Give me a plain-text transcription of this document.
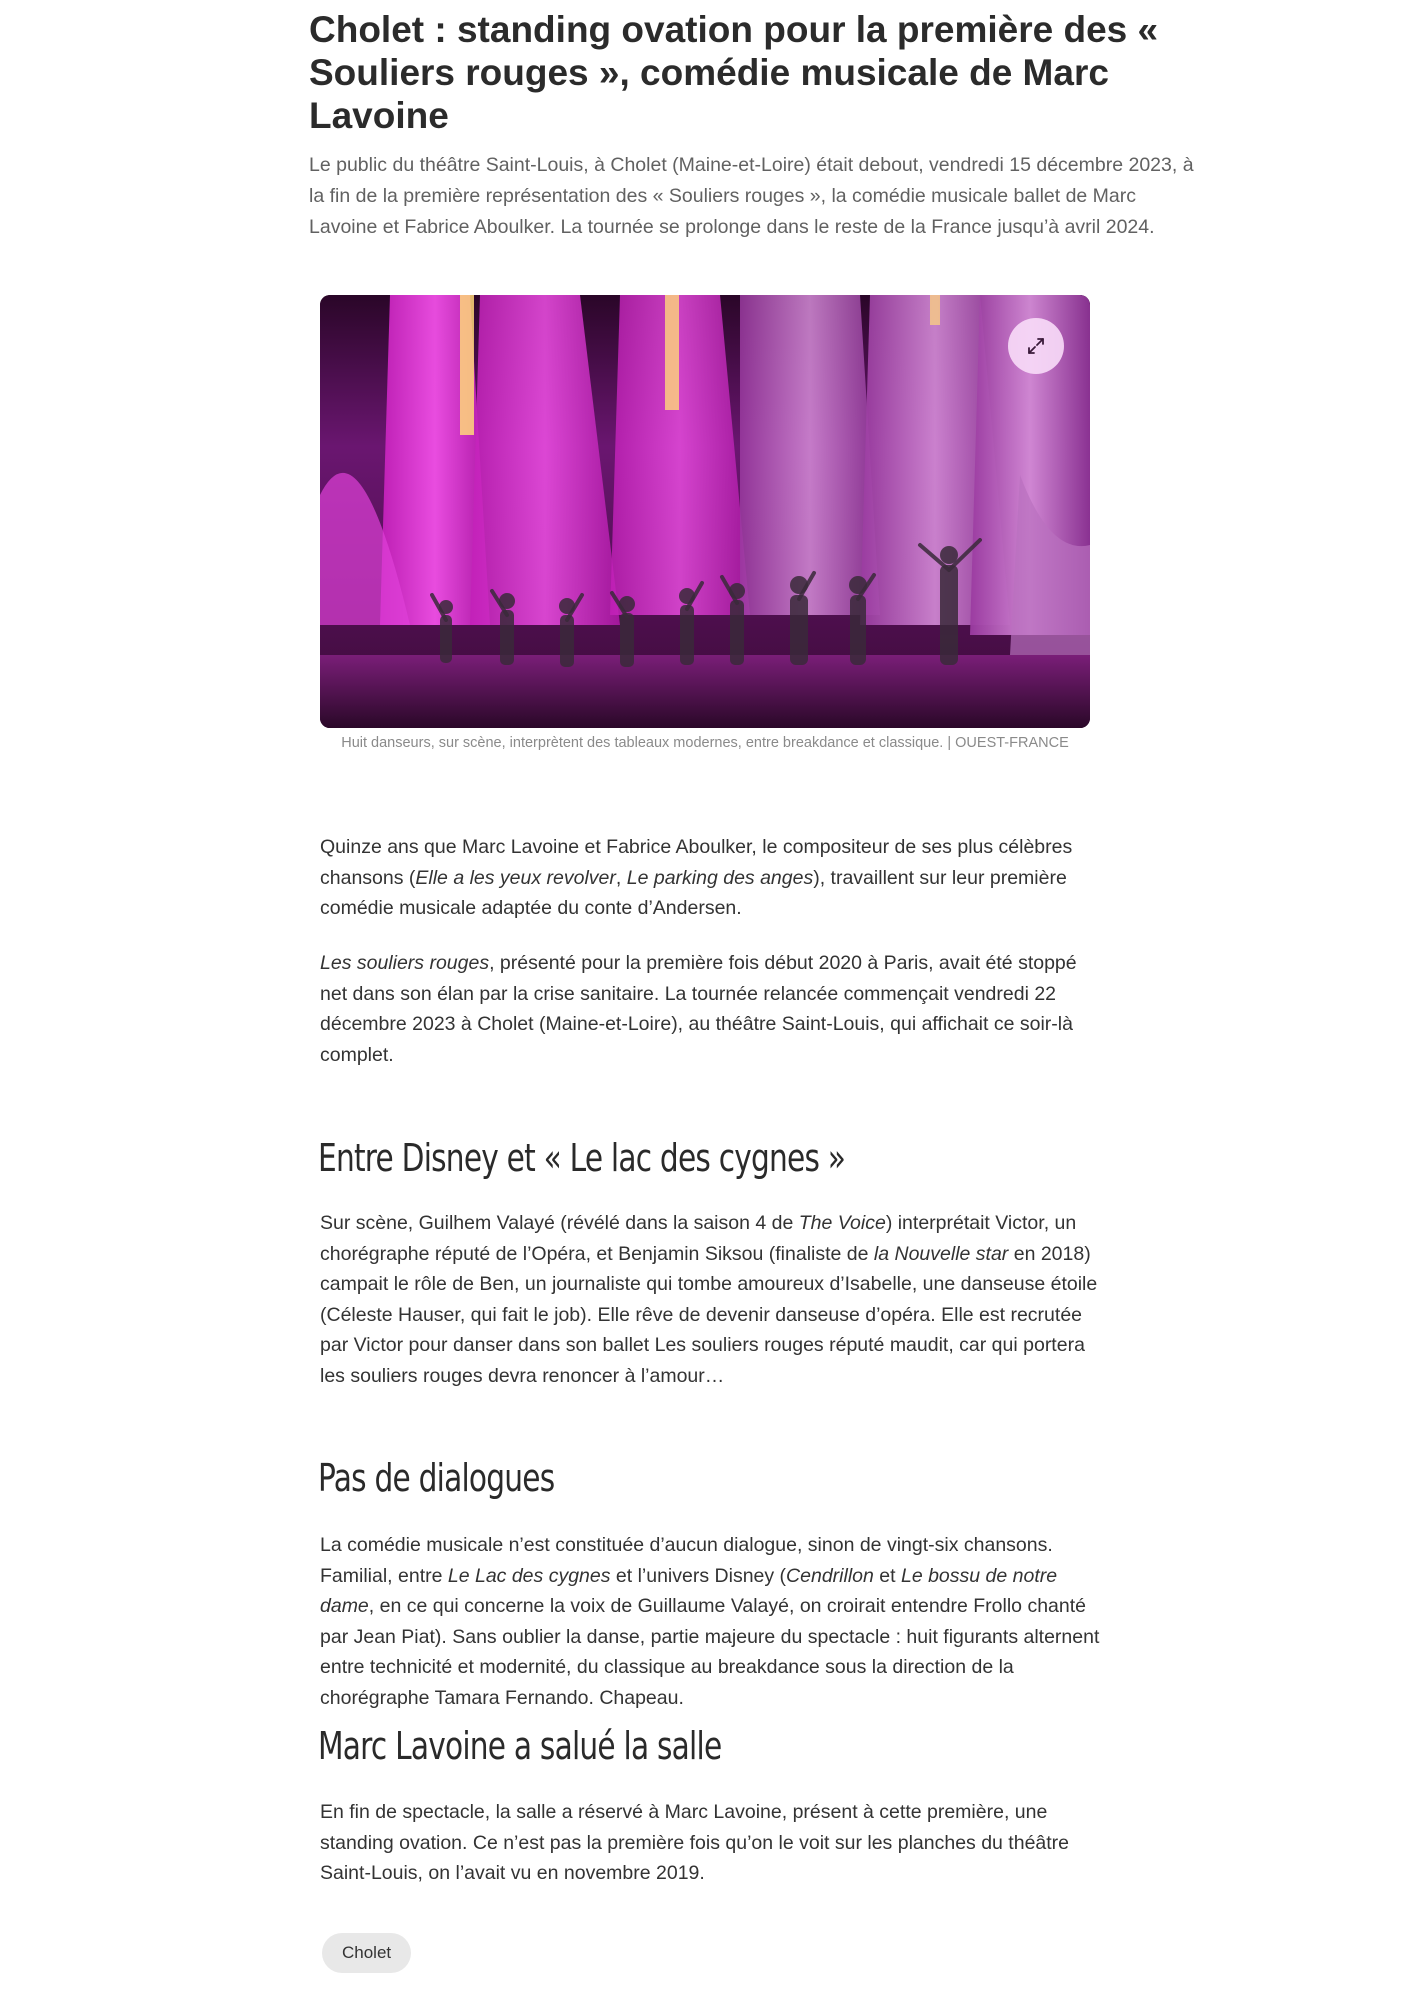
Cholet : standing ovation pour la première des « Souliers rouges », comédie musicale de Marc Lavoine

Le public du théâtre Saint-Louis, à Cholet (Maine-et-Loire) était debout, vendredi 15 décembre 2023, à la fin de la première représentation des « Souliers rouges », la comédie musicale ballet de Marc Lavoine et Fabrice Aboulker. La tournée se prolonge dans le reste de la France jusqu’à avril 2024.

Huit danseurs, sur scène, interprètent des tableaux modernes, entre breakdance et classique. | OUEST-FRANCE

Quinze ans que Marc Lavoine et Fabrice Aboulker, le compositeur de ses plus célèbres chansons (Elle a les yeux revolver, Le parking des anges), travaillent sur leur première comédie musicale adaptée du conte d’Andersen.

Les souliers rouges, présenté pour la première fois début 2020 à Paris, avait été stoppé net dans son élan par la crise sanitaire. La tournée relancée commençait vendredi 22 décembre 2023 à Cholet (Maine-et-Loire), au théâtre Saint-Louis, qui affichait ce soir-là complet.

Entre Disney et « Le lac des cygnes »

Sur scène, Guilhem Valayé (révélé dans la saison 4 de The Voice) interprétait Victor, un chorégraphe réputé de l’Opéra, et Benjamin Siksou (finaliste de la Nouvelle star en 2018) campait le rôle de Ben, un journaliste qui tombe amoureux d’Isabelle, une danseuse étoile (Céleste Hauser, qui fait le job). Elle rêve de devenir danseuse d’opéra. Elle est recrutée par Victor pour danser dans son ballet Les souliers rouges réputé maudit, car qui portera les souliers rouges devra renoncer à l’amour…

Pas de dialogues

La comédie musicale n’est constituée d’aucun dialogue, sinon de vingt-six chansons. Familial, entre Le Lac des cygnes et l’univers Disney (Cendrillon et Le bossu de notre dame, en ce qui concerne la voix de Guillaume Valayé, on croirait entendre Frollo chanté par Jean Piat). Sans oublier la danse, partie majeure du spectacle : huit figurants alternent entre technicité et modernité, du classique au breakdance sous la direction de la chorégraphe Tamara Fernando. Chapeau.

Marc Lavoine a salué la salle

En fin de spectacle, la salle a réservé à Marc Lavoine, présent à cette première, une standing ovation. Ce n’est pas la première fois qu’on le voit sur les planches du théâtre Saint-Louis, on l’avait vu en novembre 2019.

Cholet
